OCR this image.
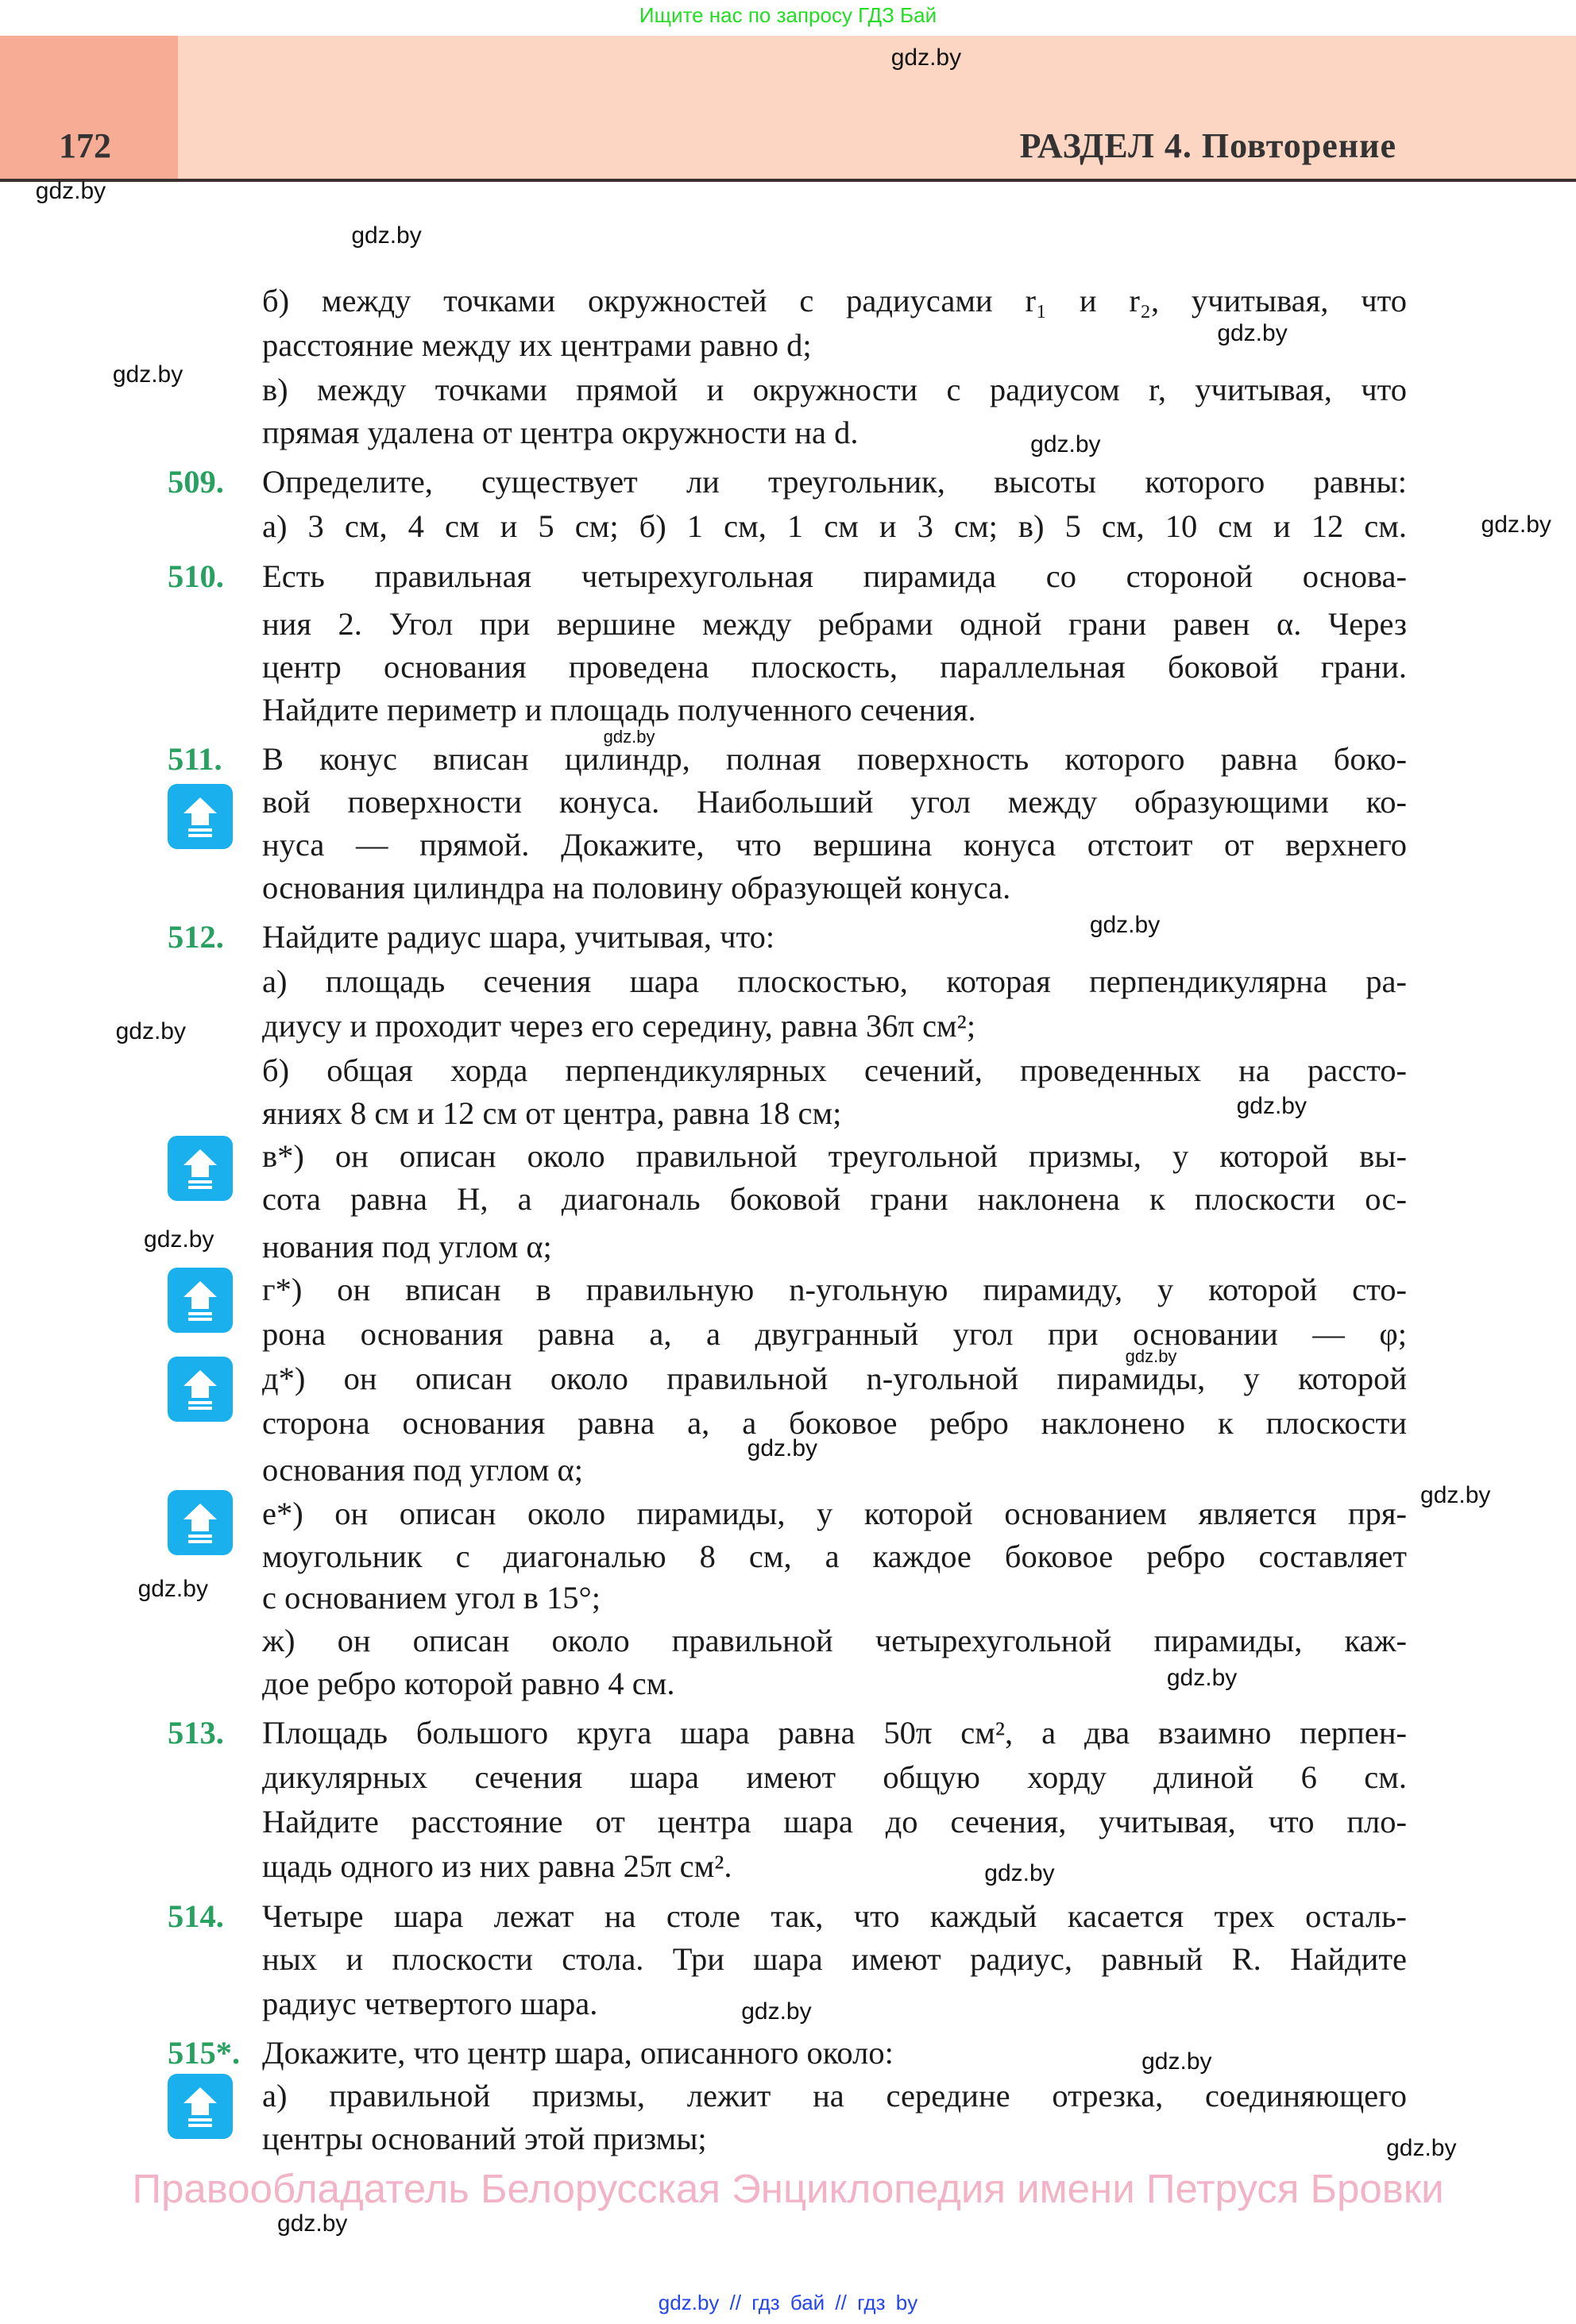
Ищите нас по запросу ГДЗ Бай
172	РАЗДЕЛ 4. Повторение
б) между точками окружностей с радиусами r₁ и r₂, учитывая, что
расстояние между их центрами равно d;
в) между точками прямой и окружности с радиусом r, учитывая, что
прямая удалена от центра окружности на d.
509. Определите, существует ли треугольник, высоты которого равны:
а) 3 см, 4 см и 5 см; б) 1 см, 1 см и 3 см; в) 5 см, 10 см и 12 см.
510. Есть правильная четырехугольная пирамида со стороной основа-
ния 2. Угол при вершине между ребрами одной грани равен α. Через
центр основания проведена плоскость, параллельная боковой грани.
Найдите периметр и площадь полученного сечения.
511. В конус вписан цилиндр, полная поверхность которого равна боко-
вой поверхности конуса. Наибольший угол между образующими ко-
нуса — прямой. Докажите, что вершина конуса отстоит от верхнего
основания цилиндра на половину образующей конуса.
512. Найдите радиус шара, учитывая, что:
а) площадь сечения шара плоскостью, которая перпендикулярна ра-
диусу и проходит через его середину, равна 36π см²;
б) общая хорда перпендикулярных сечений, проведенных на рассто-
яниях 8 см и 12 см от центра, равна 18 см;
в*) он описан около правильной треугольной призмы, у которой вы-
сота равна H, а диагональ боковой грани наклонена к плоскости ос-
нования под углом α;
г*) он вписан в правильную n-угольную пирамиду, у которой сто-
рона основания равна a, а двугранный угол при основании — φ;
д*) он описан около правильной n-угольной пирамиды, у которой
сторона основания равна a, а боковое ребро наклонено к плоскости
основания под углом α;
е*) он описан около пирамиды, у которой основанием является пря-
моугольник с диагональю 8 см, а каждое боковое ребро составляет
с основанием угол в 15°;
ж) он описан около правильной четырехугольной пирамиды, каж-
дое ребро которой равно 4 см.
513. Площадь большого круга шара равна 50π см², а два взаимно перпен-
дикулярных сечения шара имеют общую хорду длиной 6 см.
Найдите расстояние от центра шара до сечения, учитывая, что пло-
щадь одного из них равна 25π см².
514. Четыре шара лежат на столе так, что каждый касается трех осталь-
ных и плоскости стола. Три шара имеют радиус, равный R. Найдите
радиус четвертого шара.
515*. Докажите, что центр шара, описанного около:
а) правильной призмы, лежит на середине отрезка, соединяющего
центры оснований этой призмы;
gdz.by
gdz.by
gdz.by
gdz.by
gdz.by
gdz.by
gdz.by
gdz.by
gdz.by
gdz.by
gdz.by
gdz.by
gdz.by
gdz.by
gdz.by
gdz.by
gdz.by
gdz.by
gdz.by
gdz.by
gdz.by
gdz.by
Правообладатель Белорусская Энциклопедия имени Петруся Бровки
gdz.by // гдз бай // гдз by
